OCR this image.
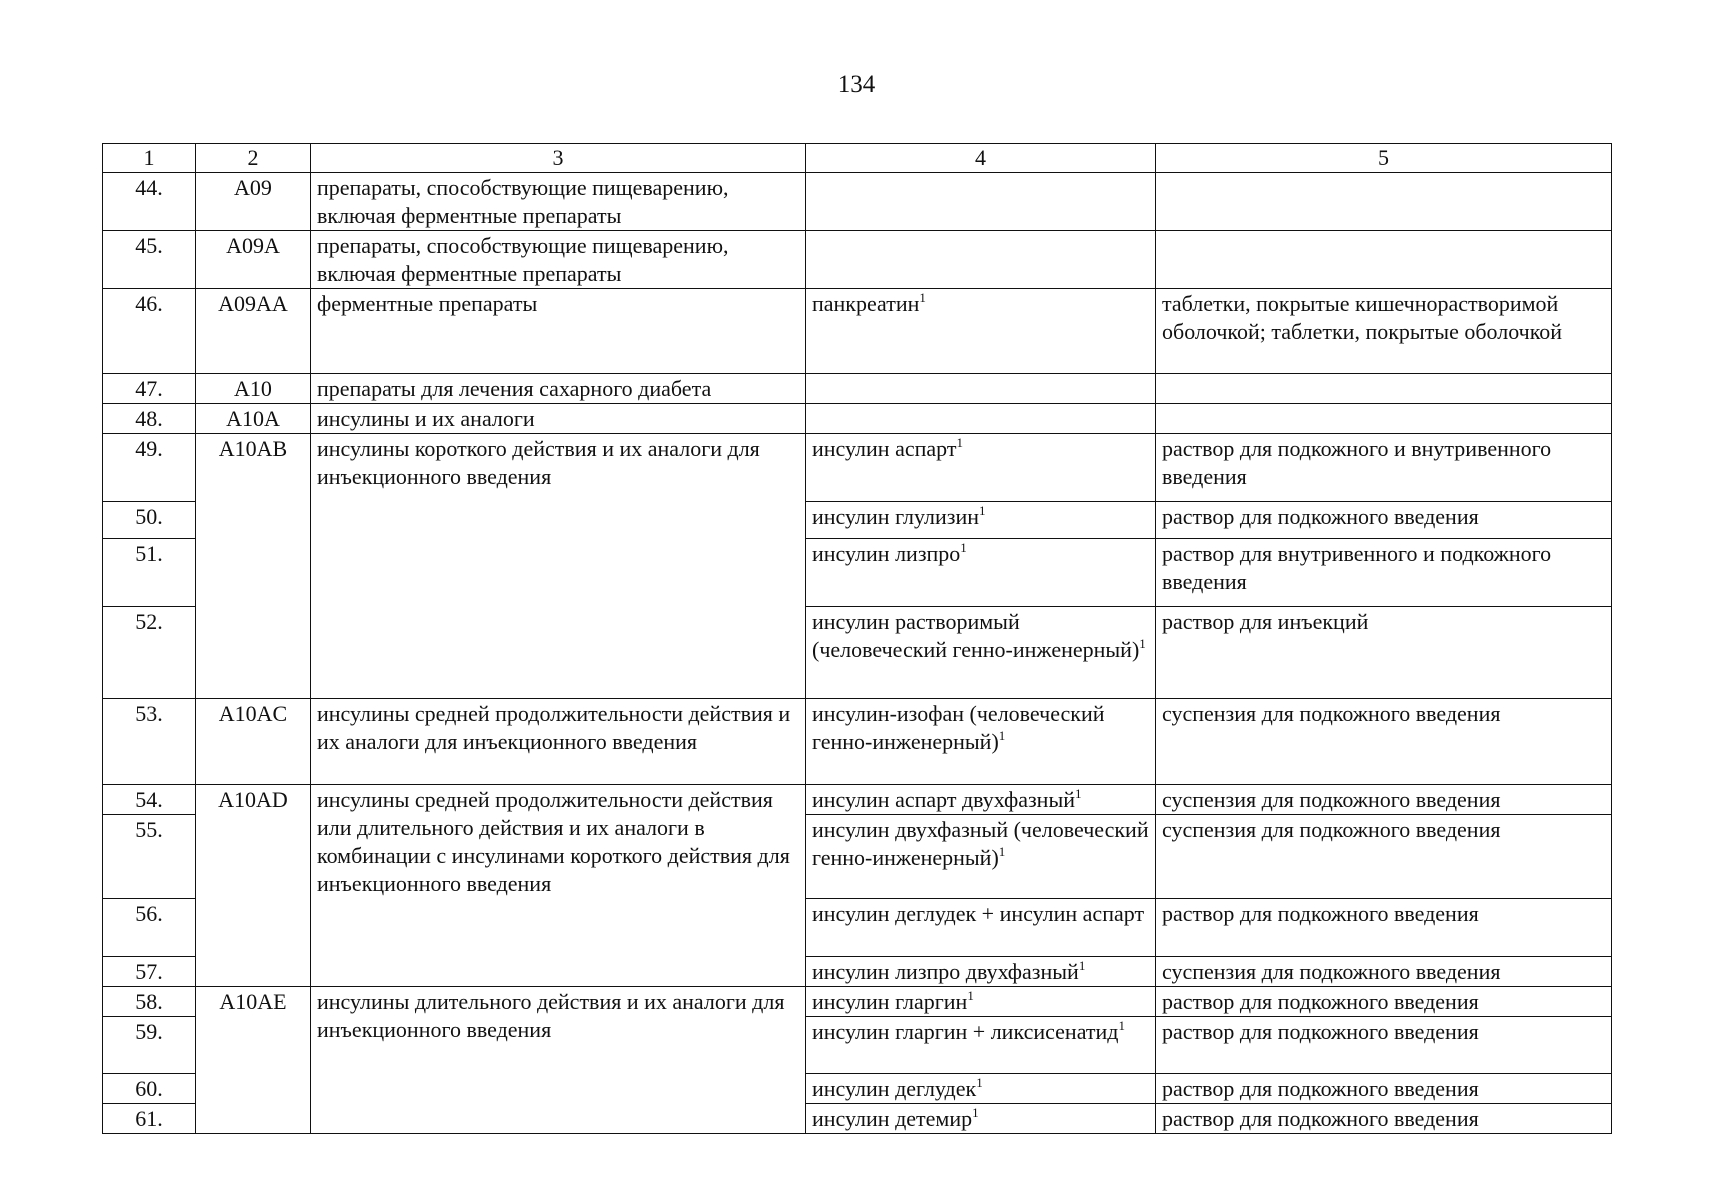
134
1	2	3	4	5
44.	A09	препараты, способствующие пищеварению, включая ферментные препараты		
45.	A09A	препараты, способствующие пищеварению, включая ферментные препараты		
46.	A09AA	ферментные препараты	панкреатин$^1$	таблетки, покрытые кишечнорастворимой оболочкой; таблетки, покрытые оболочкой
47.	A10	препараты для лечения сахарного диабета		
48.	A10A	инсулины и их аналоги		
49.	A10AB	инсулины короткого действия и их аналоги для инъекционного введения	инсулин аспарт$^1$	раствор для подкожного и внутривенного введения
50.			инсулин глулизин$^1$	раствор для подкожного введения
51.			инсулин лизпро$^1$	раствор для внутривенного и подкожного введения
52.			инсулин растворимый (человеческий генно-инженерный)$^1$	раствор для инъекций
53.	A10AC	инсулины средней продолжительности действия и их аналоги для инъекционного введения	инсулин-изофан (человеческий генно-инженерный)$^1$	суспензия для подкожного введения
54.	A10AD	инсулины средней продолжительности действия или длительного действия и их аналоги в комбинации с инсулинами короткого действия для инъекционного введения	инсулин аспарт двухфазный$^1$	суспензия для подкожного введения
55.			инсулин двухфазный (человеческий генно-инженерный)$^1$	суспензия для подкожного введения
56.			инсулин деглудек + инсулин аспарт	раствор для подкожного введения
57.			инсулин лизпро двухфазный$^1$	суспензия для подкожного введения
58.	A10AE	инсулины длительного действия и их аналоги для инъекционного введения	инсулин гларгин$^1$	раствор для подкожного введения
59.			инсулин гларгин + ликсисенатид$^1$	раствор для подкожного введения
60.			инсулин деглудек$^1$	раствор для подкожного введения
61.			инсулин детемир$^1$	раствор для подкожного введения
